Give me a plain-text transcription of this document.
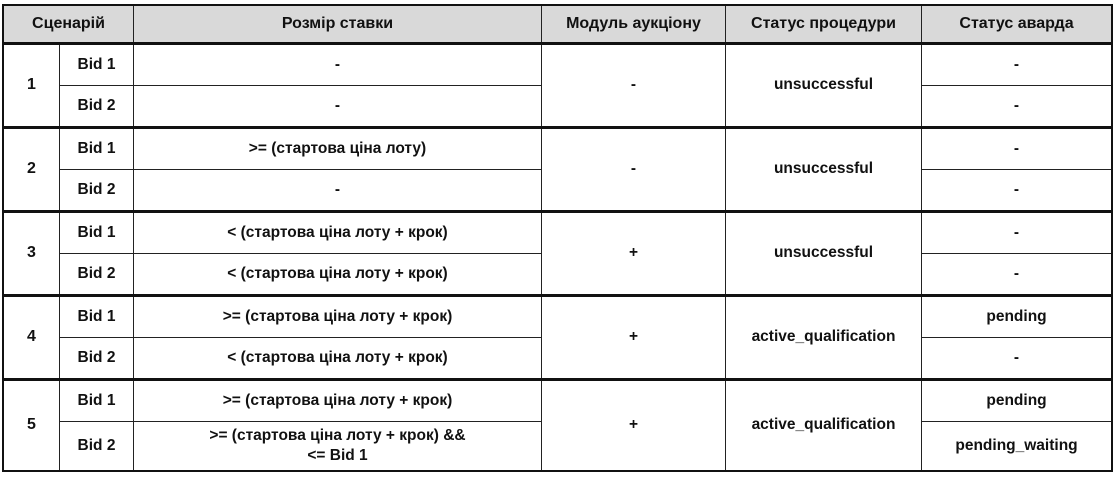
Сценарій		Розмір ставки	Модуль аукціону	Статус процедури	Статус аварда
1	Bid 1	-	-	unsuccessful	-
	Bid 2	-			-
2	Bid 1	>= (стартова ціна лоту)	-	unsuccessful	-
	Bid 2	-			-
3	Bid 1	< (стартова ціна лоту + крок)	+	unsuccessful	-
	Bid 2	< (стартова ціна лоту + крок)			-
4	Bid 1	>= (стартова ціна лоту + крок)	+	active_qualification	pending
	Bid 2	< (стартова ціна лоту + крок)			-
5	Bid 1	>= (стартова ціна лоту + крок)	+	active_qualification	pending
	Bid 2	>= (стартова ціна лоту + крок) &&
<= Bid 1			pending_waiting
